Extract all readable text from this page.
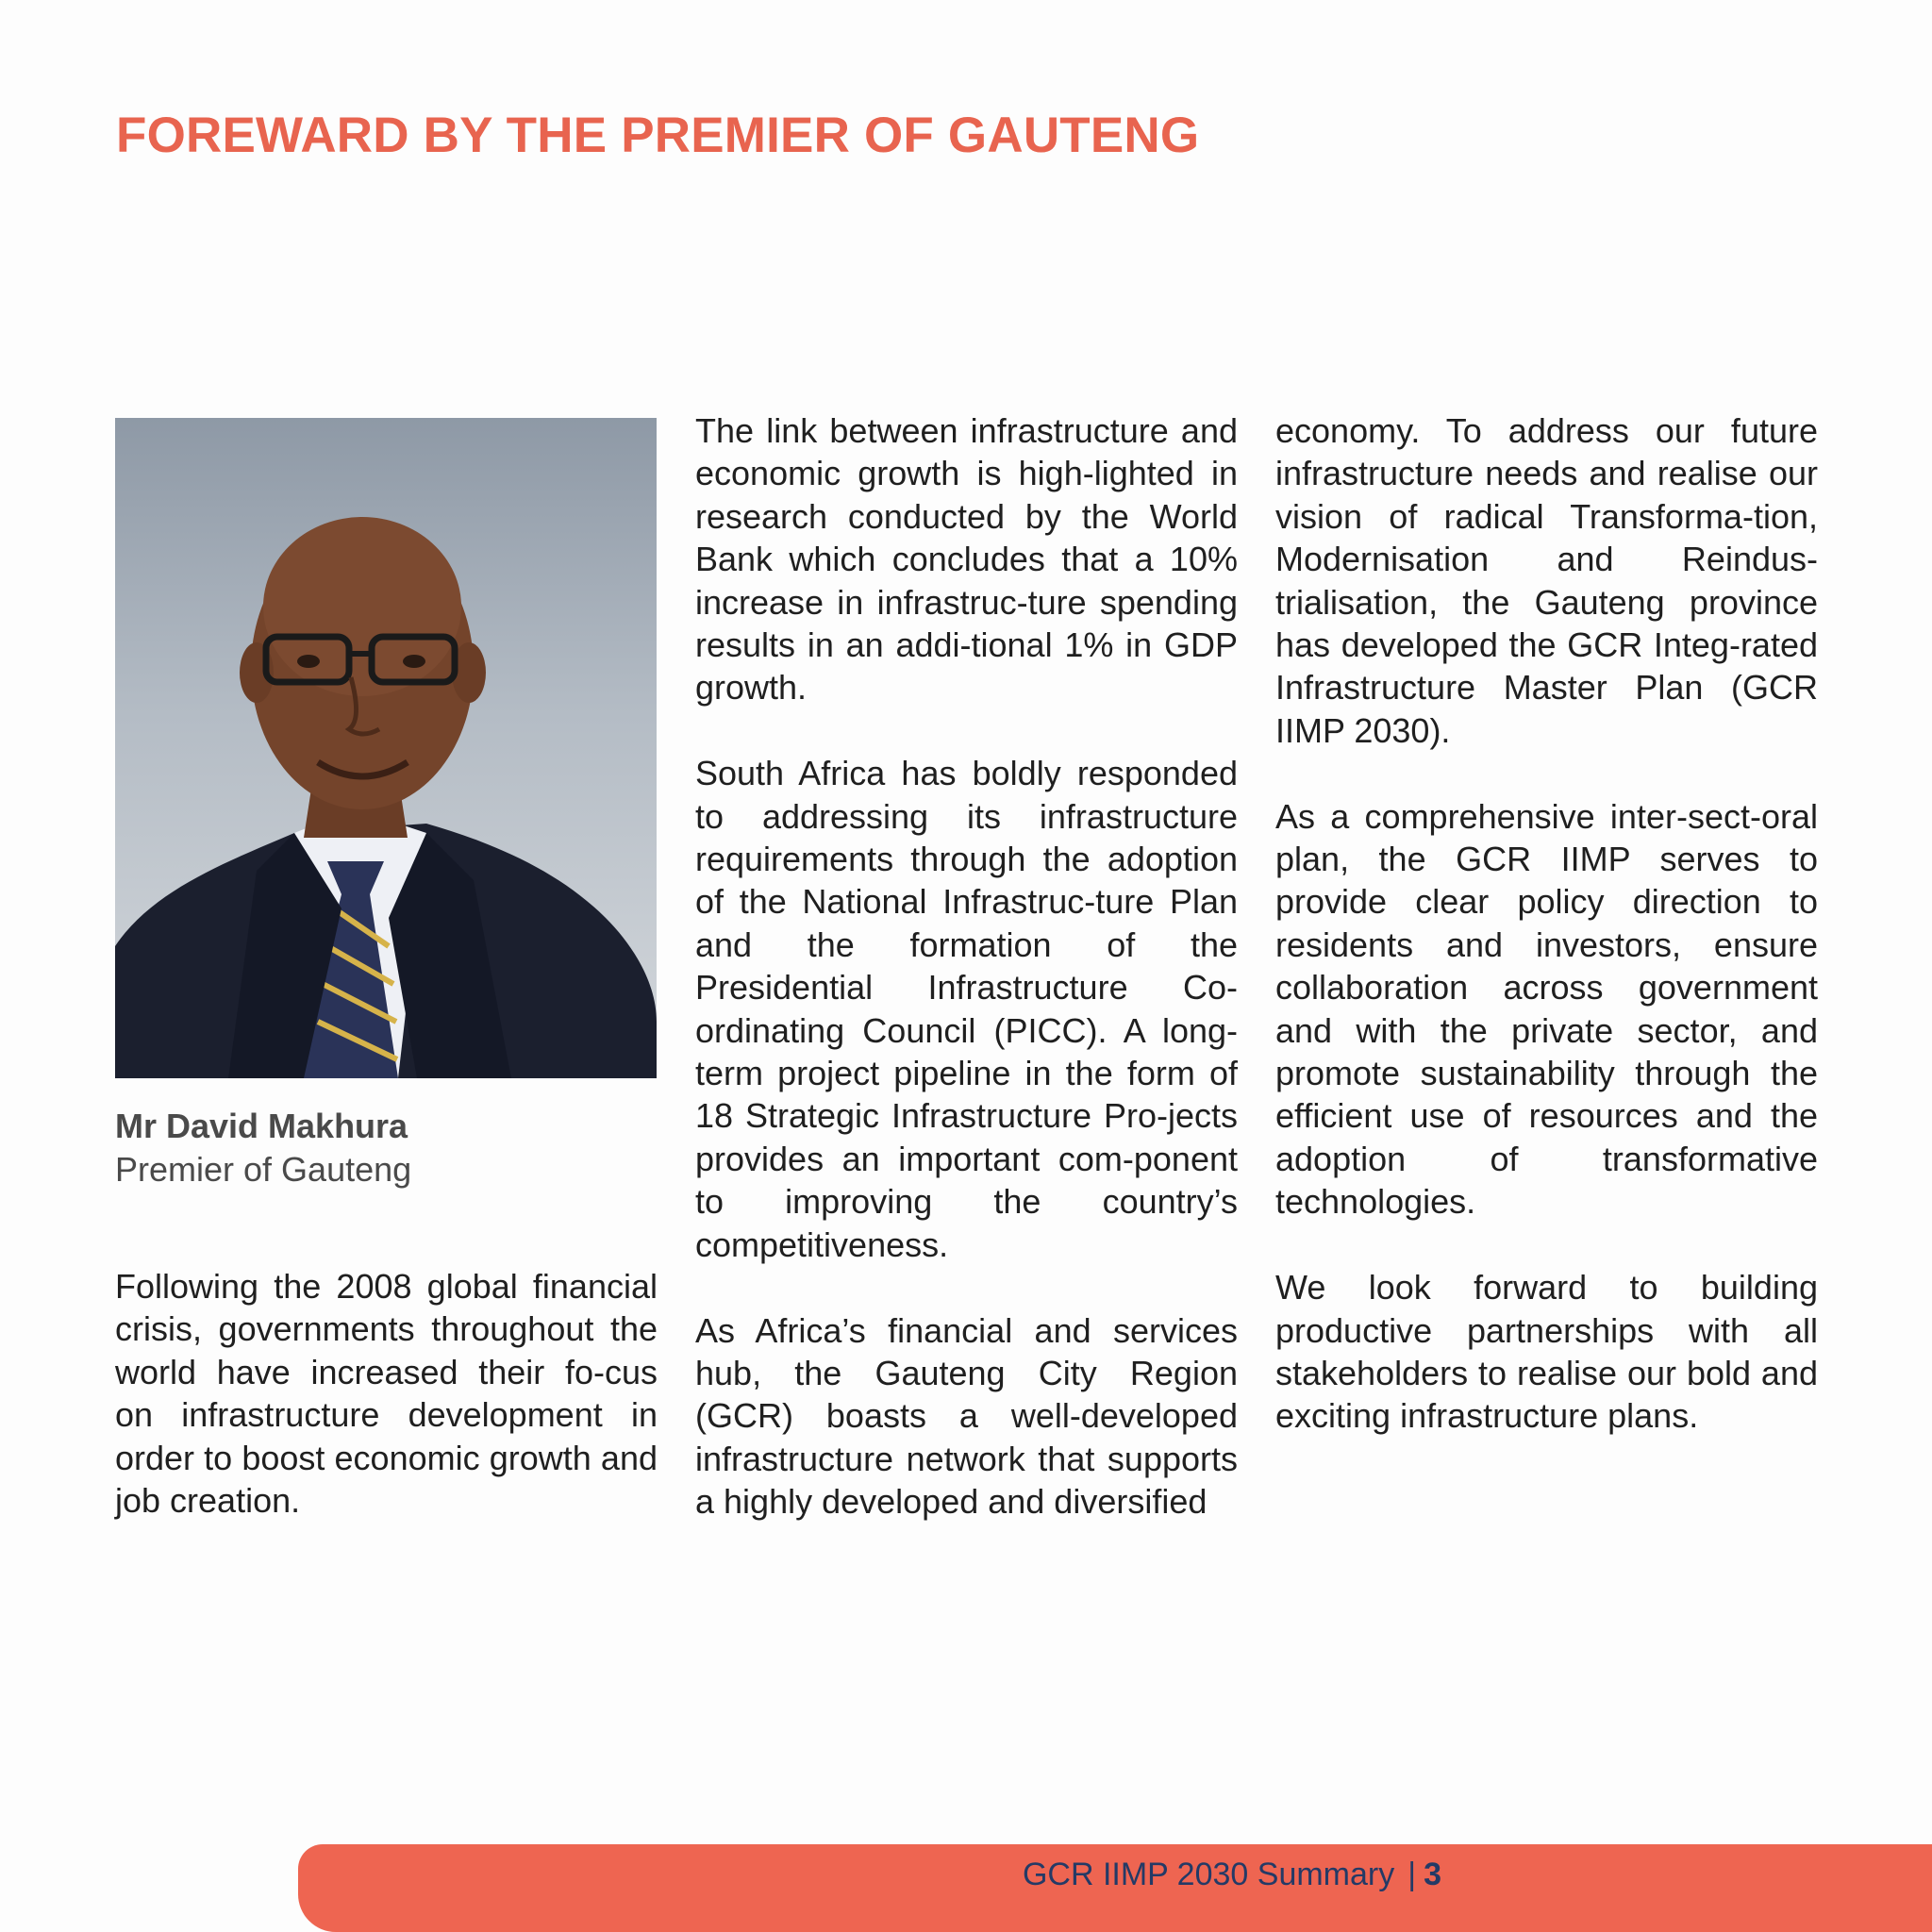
FOREWARD BY THE PREMIER OF GAUTENG

Mr David Makhura

Premier of Gauteng

Following the 2008 global financial crisis, governments throughout the world have increased their fo-cus on infrastructure development in order to boost economic growth and job creation.

The link between infrastructure and economic growth is high-lighted in research conducted by the World Bank which concludes that a 10% increase in infrastruc-ture spending results in an addi-tional 1% in GDP growth.

South Africa has boldly responded to addressing its infrastructure requirements through the adoption of the National Infrastruc-ture Plan and the formation of the Presidential Infrastructure Co-ordinating Council (PICC). A long-term project pipeline in the form of 18 Strategic Infrastructure Pro-jects provides an important com-ponent to improving the country’s competitiveness.

As Africa’s financial and services hub, the Gauteng City Region (GCR) boasts a well-developed infrastructure network that supports a highly developed and diversified

economy. To address our future infrastructure needs and realise our vision of radical Transforma-tion, Modernisation and Reindus-trialisation, the Gauteng province has developed the GCR Integ-rated Infrastructure Master Plan (GCR IIMP 2030).

As a comprehensive inter-sect-oral plan, the GCR IIMP serves to provide clear policy direction to residents and investors, ensure collaboration across government and with the private sector, and promote sustainability through the efficient use of resources and the adoption of transformative technologies.

We look forward to building productive partnerships with all stakeholders to realise our bold and exciting infrastructure plans.

GCR IIMP 2030 Summary | 3
